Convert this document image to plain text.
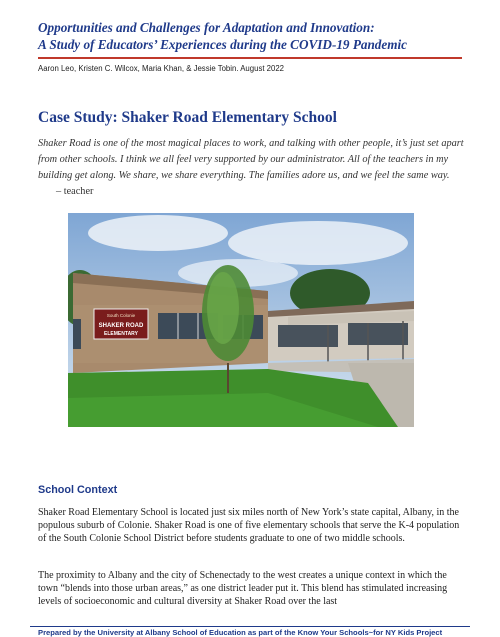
Opportunities and Challenges for Adaptation and Innovation:
A Study of Educators’ Experiences during the COVID-19 Pandemic
Aaron Leo, Kristen C. Wilcox, Maria Khan, & Jessie Tobin. August 2022
Case Study: Shaker Road Elementary School
Shaker Road is one of the most magical places to work, and talking with other people, it’s just set apart from other schools. I think we all feel very supported by our administrator. All of the teachers in my building get along. We share, we share everything. The families adore us, and we feel the same way. – teacher
South Colonie
SHAKER ROAD
ELEMENTARY
School Context
Shaker Road Elementary School is located just six miles north of New York’s state capital, Albany, in the populous suburb of Colonie. Shaker Road is one of five elementary schools that serve the K-4 population of the South Colonie School District before students graduate to one of two middle schools.
The proximity to Albany and the city of Schenectady to the west creates a unique context in which the town “blends into those urban areas,” as one district leader put it. This blend has stimulated increasing levels of socioeconomic and cultural diversity at Shaker Road over the last
Prepared by the University at Albany School of Education as part of the Know Your Schools~for NY Kids Project
